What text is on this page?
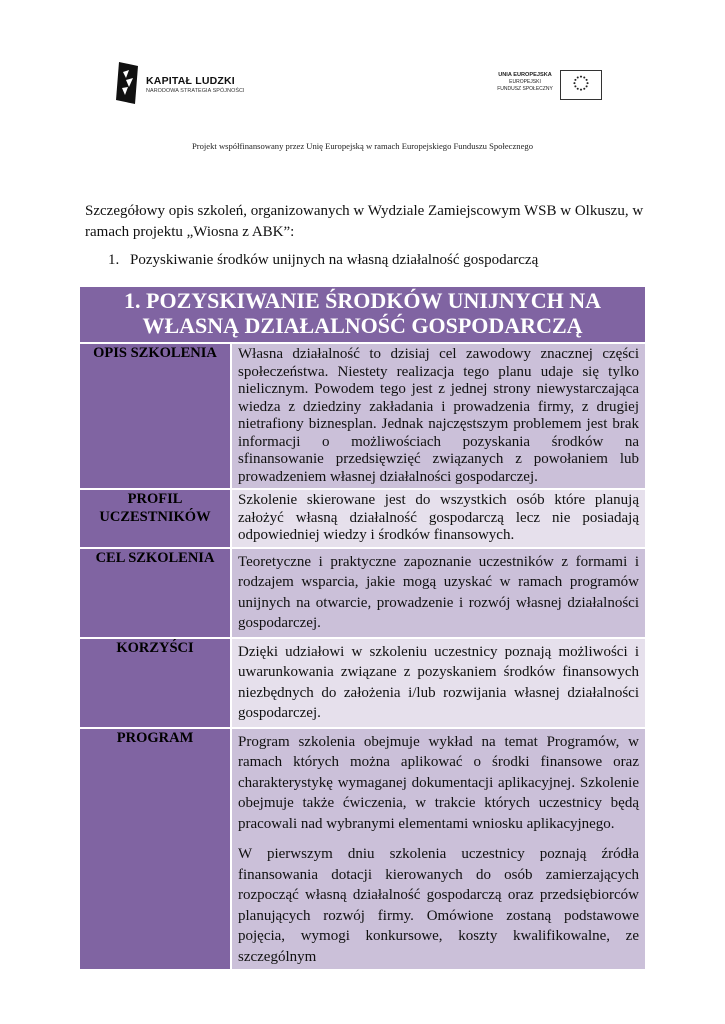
KAPITAŁ LUDZKI
NARODOWA STRATEGIA SPÓJNOŚCI
UNIA EUROPEJSKA
EUROPEJSKI
FUNDUSZ SPOŁECZNY
Projekt współfinansowany przez Unię Europejską w ramach Europejskiego Funduszu Społecznego
Szczegółowy opis szkoleń, organizowanych w Wydziale Zamiejscowym WSB w Olkuszu, w ramach projektu „Wiosna z ABK”:
1. Pozyskiwanie środków unijnych na własną działalność gospodarczą
1. POZYSKIWANIE ŚRODKÓW UNIJNYCH NA
WŁASNĄ DZIAŁALNOŚĆ GOSPODARCZĄ	

OPIS SZKOLENIA	Własna działalność to dzisiaj cel zawodowy znacznej części społeczeństwa. Niestety realizacja tego planu udaje się tylko nielicznym. Powodem tego jest z jednej strony niewystarczająca wiedza z dziedziny zakładania i prowadzenia firmy, z drugiej nietrafiony biznesplan. Jednak najczęstszym problemem jest brak informacji o możliwościach pozyskania środków na sfinansowanie przedsięwzięć związanych z powołaniem lub prowadzeniem własnej działalności gospodarczej.

PROFIL
UCZESTNIKÓW	Szkolenie skierowane jest do wszystkich osób które planują założyć własną działalność gospodarczą lecz nie posiadają odpowiedniej wiedzy i środków finansowych.
CEL SZKOLENIA	Teoretyczne i praktyczne zapoznanie uczestników z formami i rodzajem wsparcia, jakie mogą uzyskać w ramach programów unijnych na otwarcie, prowadzenie i rozwój własnej działalności gospodarczej.
KORZYŚCI	Dzięki udziałowi w szkoleniu uczestnicy poznają możliwości i uwarunkowania związane z pozyskaniem środków finansowych niezbędnych do założenia i/lub rozwijania własnej działalności gospodarczej.
PROGRAM	Program szkolenia obejmuje wykład na temat Programów, w ramach których można aplikować o środki finansowe oraz charakterystykę wymaganej dokumentacji aplikacyjnej. Szkolenie obejmuje także ćwiczenia, w trakcie których uczestnicy będą pracowali nad wybranymi elementami wniosku aplikacyjnego.

W pierwszym dniu szkolenia uczestnicy poznają źródła finansowania dotacji kierowanych do osób zamierzających rozpocząć własną działalność gospodarczą oraz przedsiębiorców planujących rozwój firmy. Omówione zostaną podstawowe pojęcia, wymogi konkursowe, koszty kwalifikowalne, ze szczególnym
